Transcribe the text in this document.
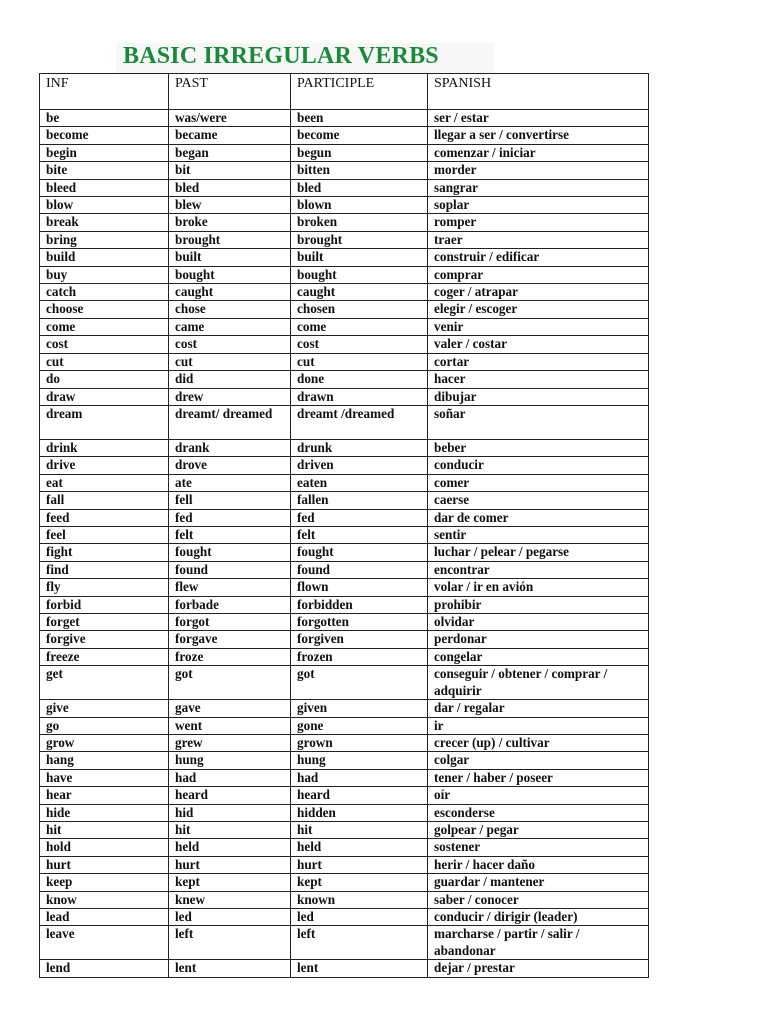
BASIC IRREGULAR VERBS
INF	PAST	PARTICIPLE	SPANISH
be	was/were	been	ser / estar
become	became	become	llegar a ser / convertirse
begin	began	begun	comenzar / iniciar
bite	bit	bitten	morder
bleed	bled	bled	sangrar
blow	blew	blown	soplar
break	broke	broken	romper
bring	brought	brought	traer
build	built	built	construir / edificar
buy	bought	bought	comprar
catch	caught	caught	coger / atrapar
choose	chose	chosen	elegir / escoger
come	came	come	venir
cost	cost	cost	valer / costar
cut	cut	cut	cortar
do	did	done	hacer
draw	drew	drawn	dibujar
dream	dreamt/ dreamed	dreamt /dreamed	soñar
drink	drank	drunk	beber
drive	drove	driven	conducir
eat	ate	eaten	comer
fall	fell	fallen	caerse
feed	fed	fed	dar de comer
feel	felt	felt	sentir
fight	fought	fought	luchar / pelear / pegarse
find	found	found	encontrar
fly	flew	flown	volar / ir en avión
forbid	forbade	forbidden	prohibir
forget	forgot	forgotten	olvidar
forgive	forgave	forgiven	perdonar
freeze	froze	frozen	congelar
get	got	got	conseguir / obtener / comprar / adquirir
give	gave	given	dar / regalar
go	went	gone	ir
grow	grew	grown	crecer (up) / cultivar
hang	hung	hung	colgar
have	had	had	tener / haber / poseer
hear	heard	heard	oír
hide	hid	hidden	esconderse
hit	hit	hit	golpear / pegar
hold	held	held	sostener
hurt	hurt	hurt	herir / hacer daño
keep	kept	kept	guardar / mantener
know	knew	known	saber / conocer
lead	led	led	conducir / dirigir (leader)
leave	left	left	marcharse / partir / salir / abandonar
lend	lent	lent	dejar / prestar
